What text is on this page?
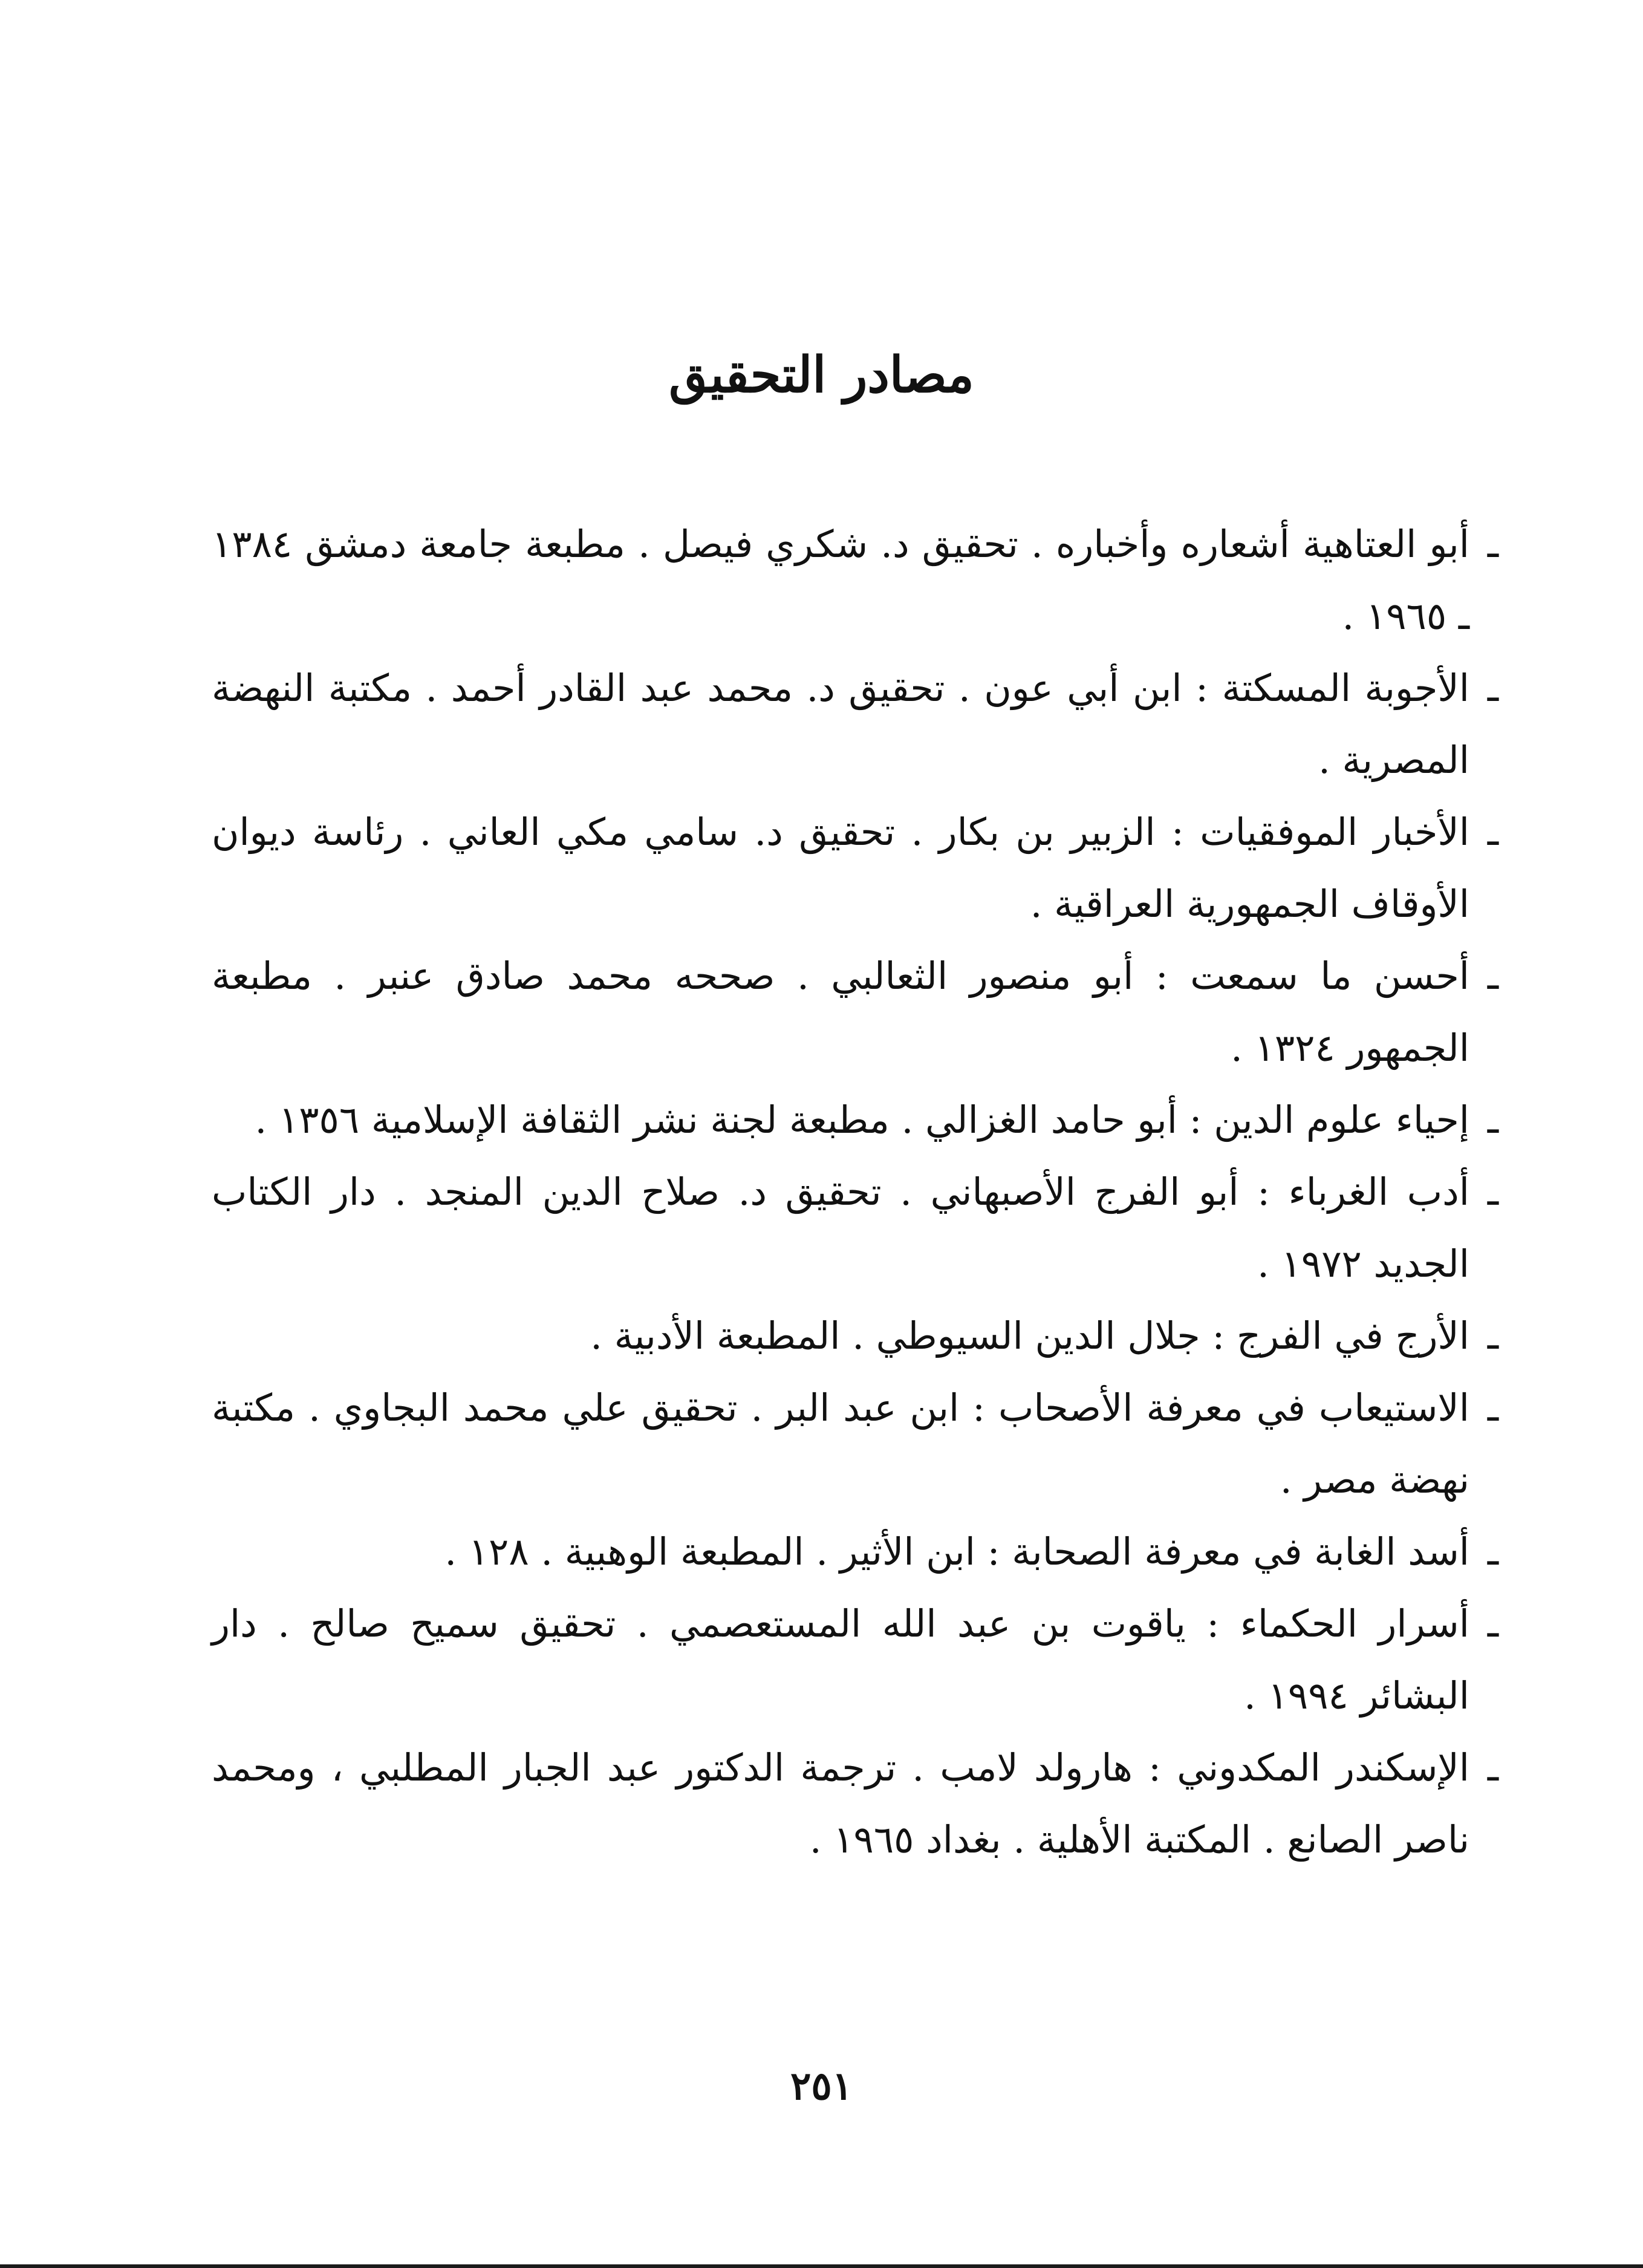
مصادر التحقيق
ـ
أبو العتاهية أشعاره وأخباره . تحقيق د. شكري فيصل . مطبعة جامعة دمشق ١٣٨٤ ـ ١٩٦٥ .
ـ
الأجوبة المسكتة : ابن أبي عون . تحقيق د. محمد عبد القادر أحمد . مكتبة النهضة المصرية .
ـ
الأخبار الموفقيات : الزبير بن بكار . تحقيق د. سامي مكي العاني . رئاسة ديوان الأوقاف الجمهورية العراقية .
ـ
أحسن ما سمعت : أبو منصور الثعالبي . صححه محمد صادق عنبر . مطبعة الجمهور ١٣٢٤ .
ـ
إحياء علوم الدين : أبو حامد الغزالي . مطبعة لجنة نشر الثقافة الإسلامية ١٣٥٦ .
ـ
أدب الغرباء : أبو الفرج الأصبهاني . تحقيق د. صلاح الدين المنجد . دار الكتاب الجديد ١٩٧٢ .
ـ
الأرج في الفرج : جلال الدين السيوطي . المطبعة الأدبية .
ـ
الاستيعاب في معرفة الأصحاب : ابن عبد البر . تحقيق علي محمد البجاوي . مكتبة نهضة مصر .
ـ
أسد الغابة في معرفة الصحابة : ابن الأثير . المطبعة الوهبية . ١٢٨ .
ـ
أسرار الحكماء : ياقوت بن عبد الله المستعصمي . تحقيق سميح صالح . دار البشائر ١٩٩٤ .
ـ
الإسكندر المكدوني : هارولد لامب . ترجمة الدكتور عبد الجبار المطلبي ، ومحمد ناصر الصانع . المكتبة الأهلية . بغداد ١٩٦٥ .
٢٥١
